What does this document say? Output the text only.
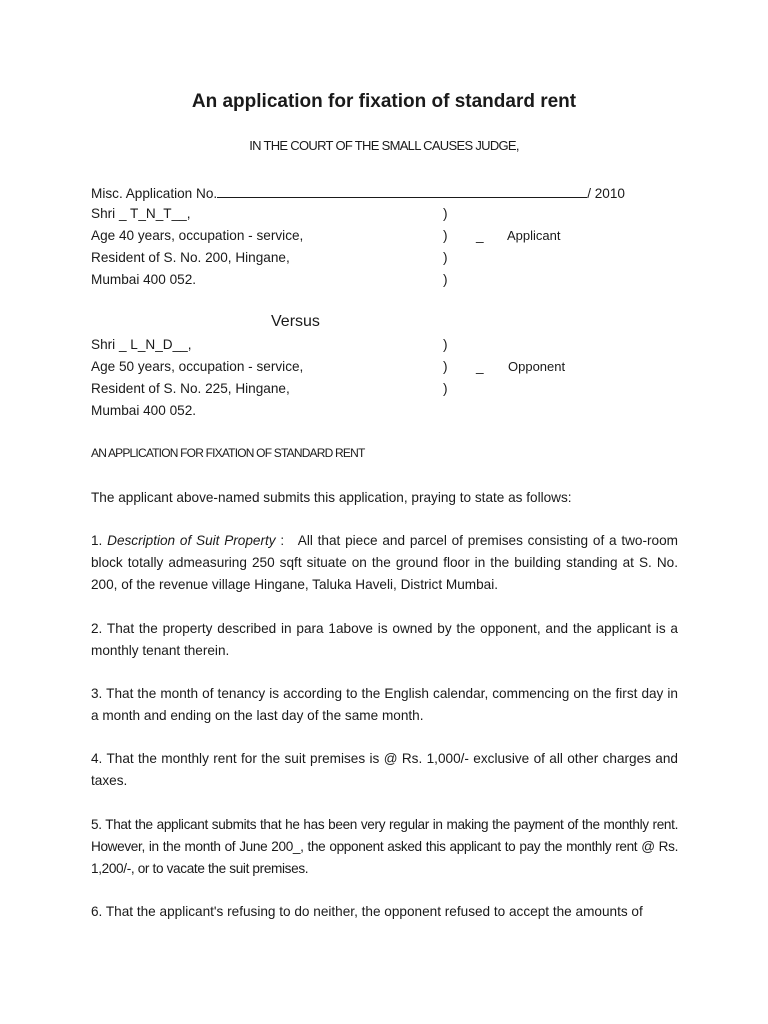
An application for fixation of standard rent
IN THE COURT OF THE SMALL CAUSES JUDGE,
Misc. Application No.	/ 2010
Shri _ T_N_T__,
Age 40 years, occupation - service,
Resident of S. No. 200, Hingane,
Mumbai 400 052.
)
)
)
)
_ Applicant
Versus
Shri _ L_N_D__,
Age 50 years, occupation - service,
Resident of S. No. 225, Hingane,
Mumbai 400 052.
)
)
)
_ Opponent
AN APPLICATION FOR FIXATION OF STANDARD RENT
The applicant above-named submits this application, praying to state as follows:
1. Description of Suit Property : All that piece and parcel of premises consisting of a two-room block totally admeasuring 250 sqft situate on the ground floor in the building standing at S. No. 200, of the revenue village Hingane, Taluka Haveli, District Mumbai.
2. That the property described in para 1above is owned by the opponent, and the applicant is a monthly tenant therein.
3. That the month of tenancy is according to the English calendar, commencing on the first day in a month and ending on the last day of the same month.
4. That the monthly rent for the suit premises is @ Rs. 1,000/- exclusive of all other charges and taxes.
5. That the applicant submits that he has been very regular in making the payment of the monthly rent. However, in the month of June 200_, the opponent asked this applicant to pay the monthly rent @ Rs. 1,200/-, or to vacate the suit premises.
6. That the applicant's refusing to do neither, the opponent refused to accept the amounts of
